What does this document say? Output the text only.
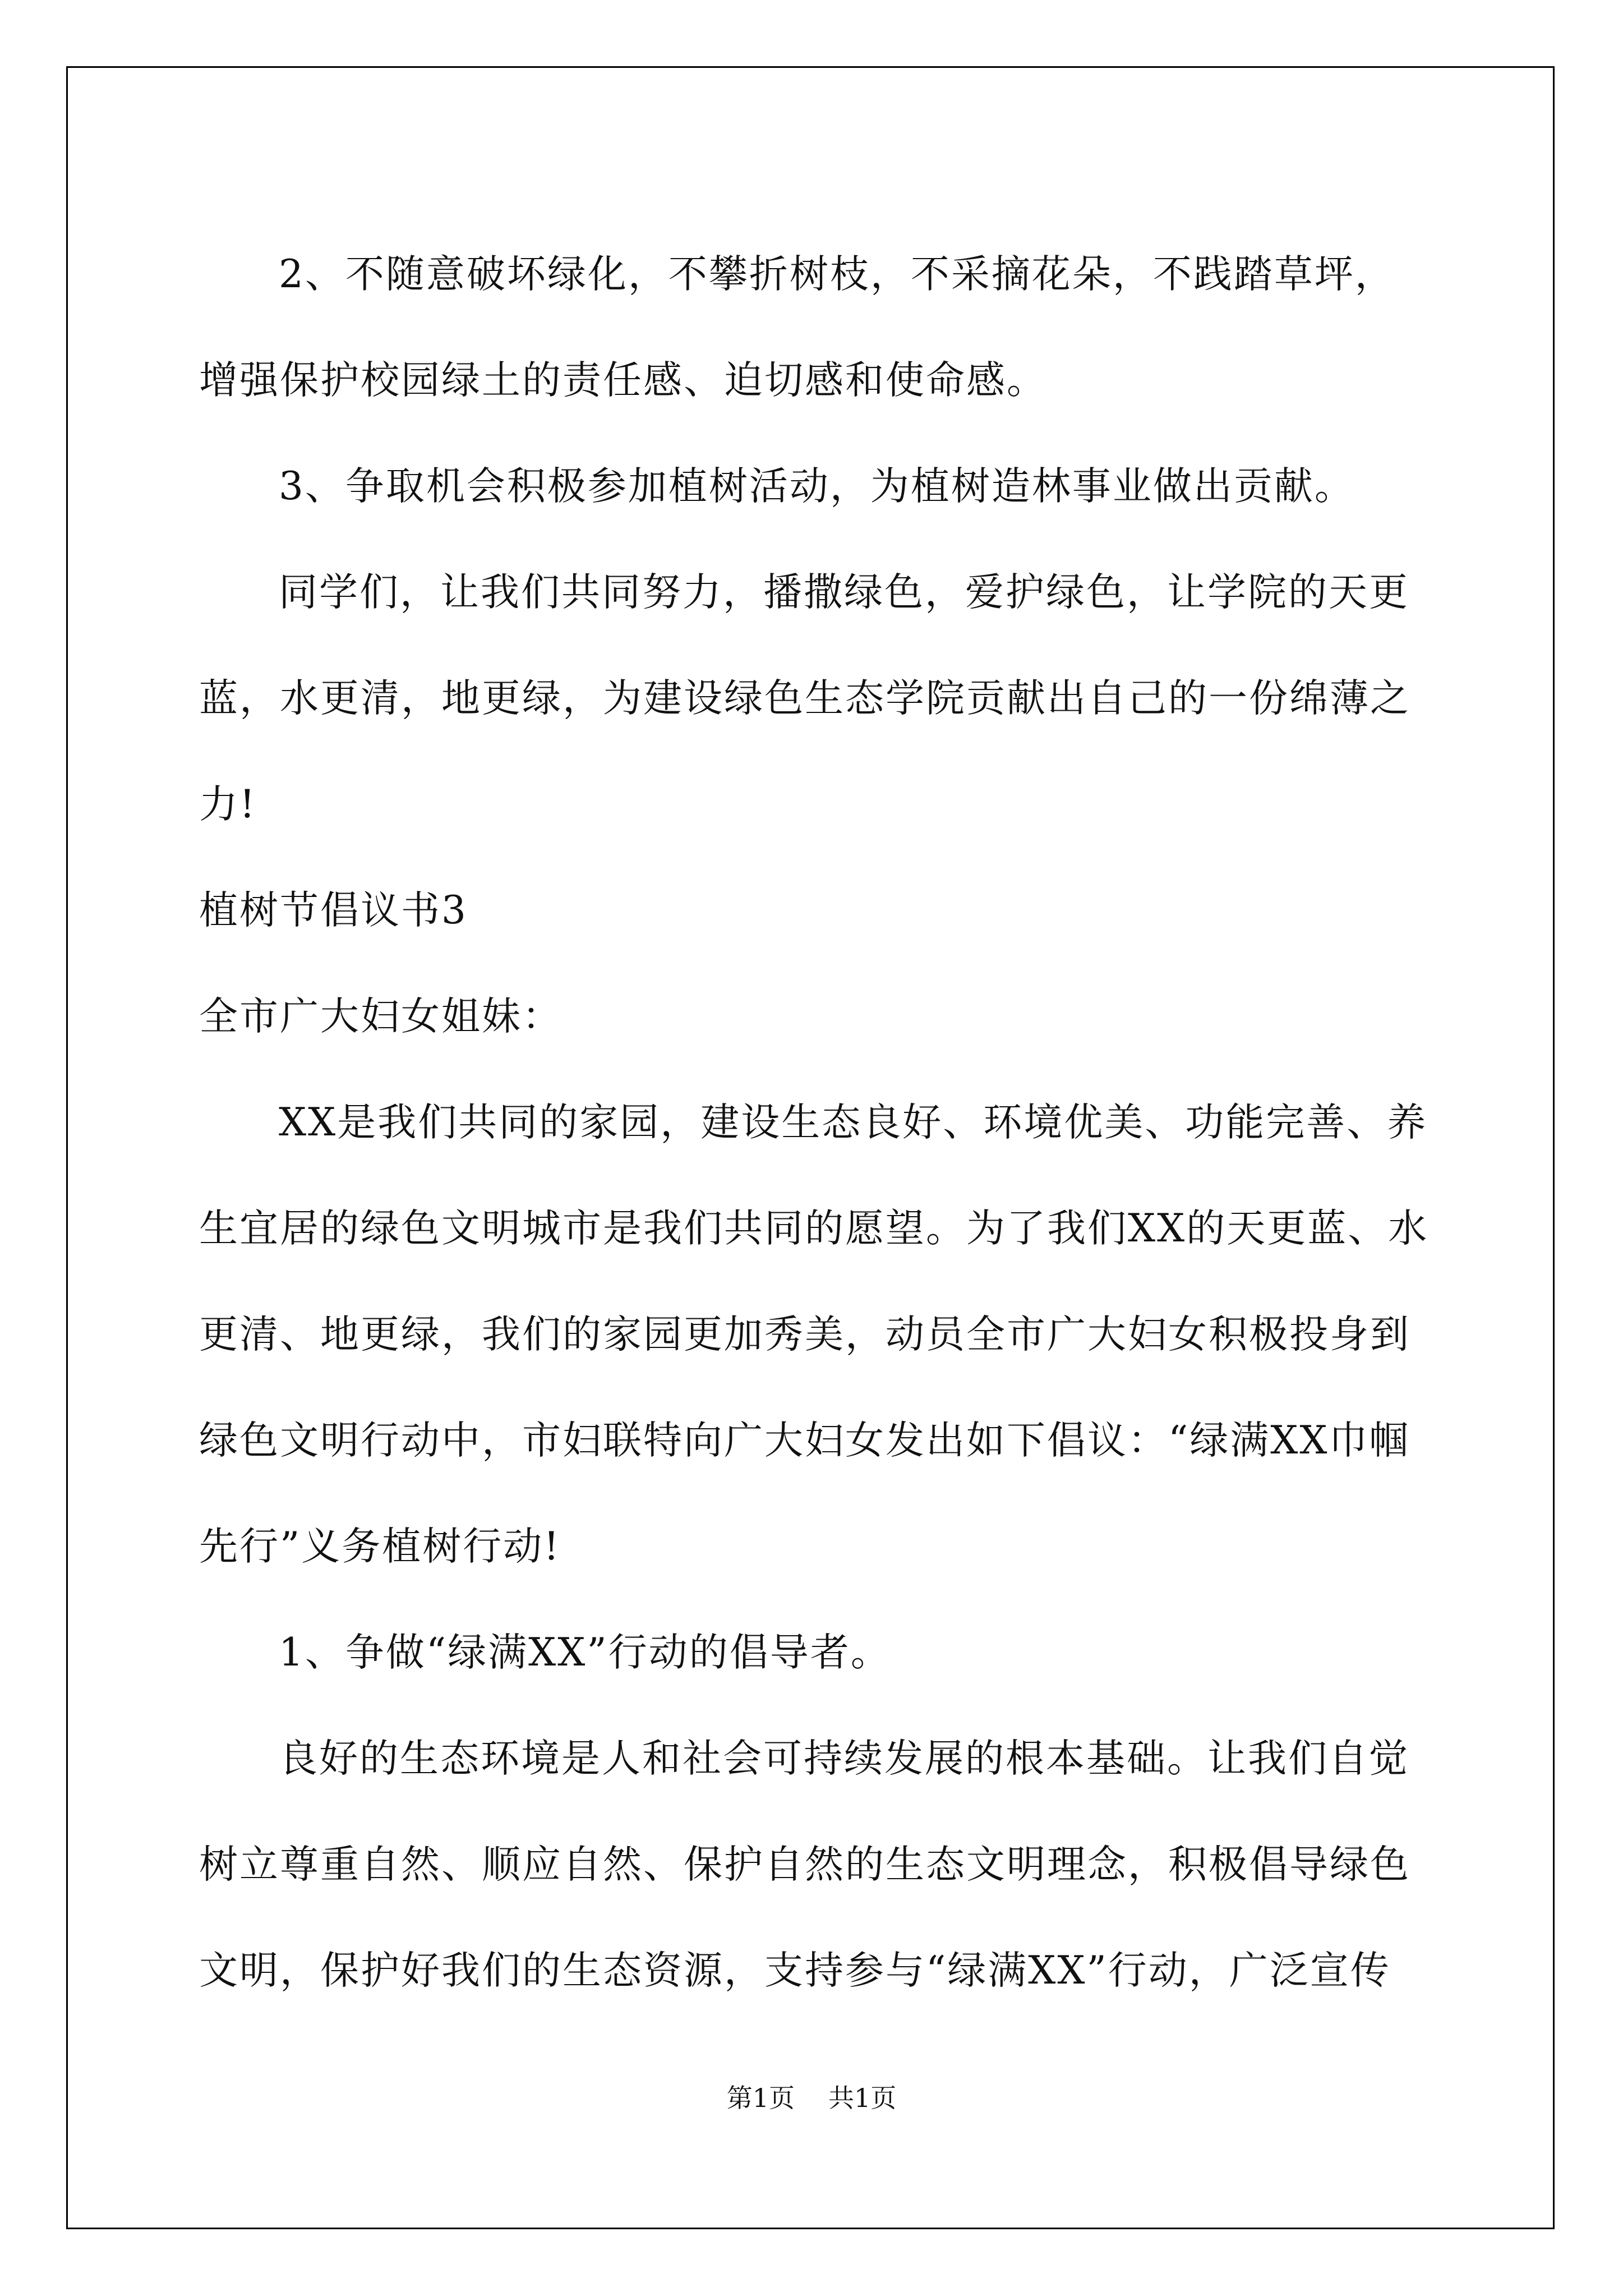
2、不随意破坏绿化，不攀折树枝，不采摘花朵，不践踏草坪，增强保护校园绿土的责任感、迫切感和使命感。

3、争取机会积极参加植树活动，为植树造林事业做出贡献。

同学们，让我们共同努力，播撒绿色，爱护绿色，让学院的天更蓝，水更清，地更绿，为建设绿色生态学院贡献出自己的一份绵薄之力!

植树节倡议书3

全市广大妇女姐妹：

XX是我们共同的家园，建设生态良好、环境优美、功能完善、养生宜居的绿色文明城市是我们共同的愿望。为了我们XX的天更蓝、水更清、地更绿，我们的家园更加秀美，动员全市广大妇女积极投身到绿色文明行动中，市妇联特向广大妇女发出如下倡议：“绿满XX巾帼先行”义务植树行动!

1、争做“绿满XX”行动的倡导者。

良好的生态环境是人和社会可持续发展的根本基础。让我们自觉树立尊重自然、顺应自然、保护自然的生态文明理念，积极倡导绿色文明，保护好我们的生态资源，支持参与“绿满XX”行动，广泛宣传

第1页 共1页
